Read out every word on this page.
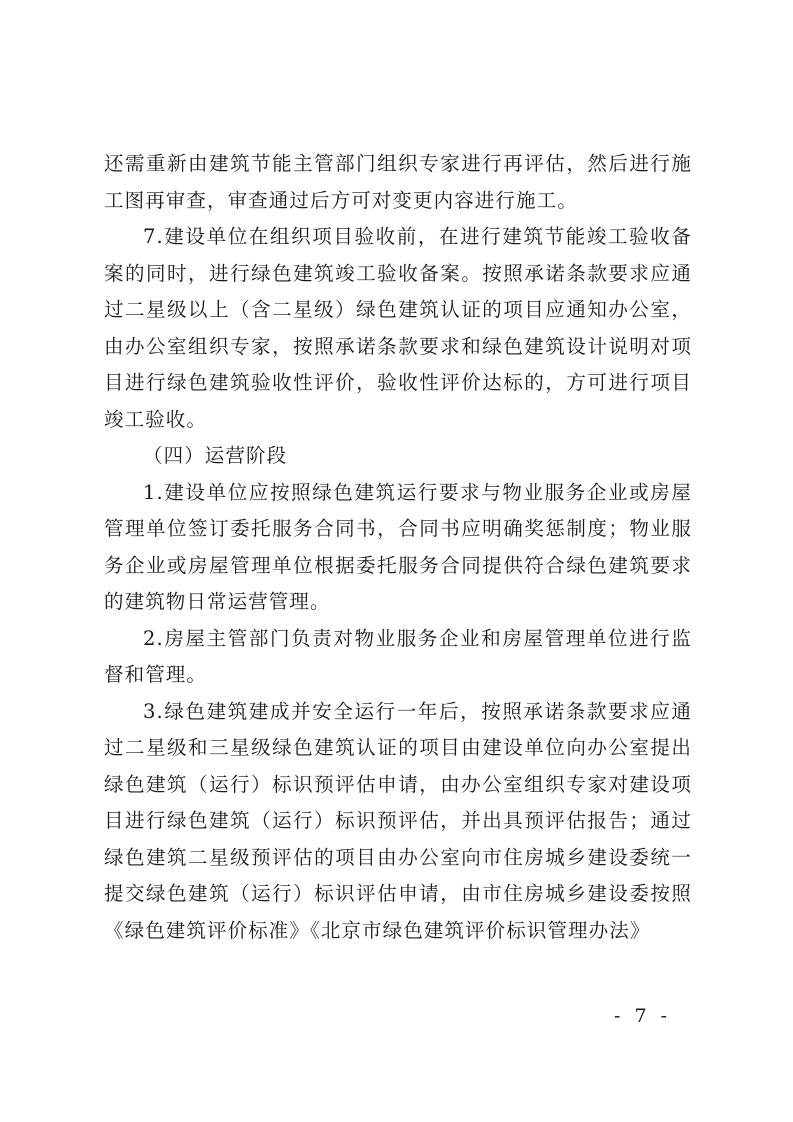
还需重新由建筑节能主管部门组织专家进行再评估，然后进行施工图再审查，审查通过后方可对变更内容进行施工。

7.建设单位在组织项目验收前，在进行建筑节能竣工验收备案的同时，进行绿色建筑竣工验收备案。按照承诺条款要求应通过二星级以上（含二星级）绿色建筑认证的项目应通知办公室，由办公室组织专家，按照承诺条款要求和绿色建筑设计说明对项目进行绿色建筑验收性评价，验收性评价达标的，方可进行项目竣工验收。

（四）运营阶段

1.建设单位应按照绿色建筑运行要求与物业服务企业或房屋管理单位签订委托服务合同书，合同书应明确奖惩制度；物业服务企业或房屋管理单位根据委托服务合同提供符合绿色建筑要求的建筑物日常运营管理。

2.房屋主管部门负责对物业服务企业和房屋管理单位进行监督和管理。

3.绿色建筑建成并安全运行一年后，按照承诺条款要求应通过二星级和三星级绿色建筑认证的项目由建设单位向办公室提出绿色建筑（运行）标识预评估申请，由办公室组织专家对建设项目进行绿色建筑（运行）标识预评估，并出具预评估报告；通过绿色建筑二星级预评估的项目由办公室向市住房城乡建设委统一提交绿色建筑（运行）标识评估申请，由市住房城乡建设委按照《绿色建筑评价标准》《北京市绿色建筑评价标识管理办法》

- 7 -
